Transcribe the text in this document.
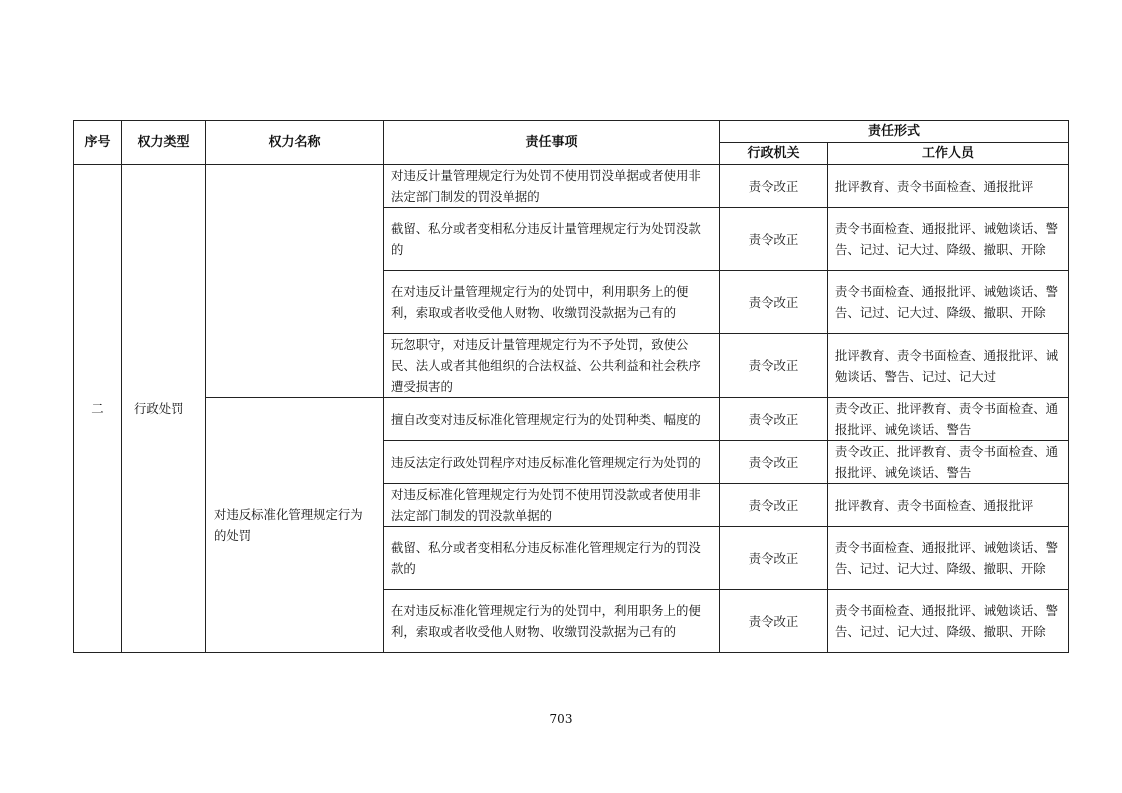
序号	权力类型	权力名称	责任事项	责任形式	
				行政机关	工作人员
二	行政处罚		对违反计量管理规定行为处罚不使用罚没单据或者使用非法定部门制发的罚没单据的	责令改正	批评教育、责令书面检查、通报批评
			截留、私分或者变相私分违反计量管理规定行为处罚没款的	责令改正	责令书面检查、通报批评、诫勉谈话、警告、记过、记大过、降级、撤职、开除
			在对违反计量管理规定行为的处罚中，利用职务上的便利，索取或者收受他人财物、收缴罚没款据为己有的	责令改正	责令书面检查、通报批评、诫勉谈话、警告、记过、记大过、降级、撤职、开除
			玩忽职守，对违反计量管理规定行为不予处罚，致使公民、法人或者其他组织的合法权益、公共利益和社会秩序遭受损害的	责令改正	批评教育、责令书面检查、通报批评、诫勉谈话、警告、记过、记大过
		对违反标准化管理规定行为的处罚	擅自改变对违反标准化管理规定行为的处罚种类、幅度的	责令改正	责令改正、批评教育、责令书面检查、通报批评、诫免谈话、警告
			违反法定行政处罚程序对违反标准化管理规定行为处罚的	责令改正	责令改正、批评教育、责令书面检查、通报批评、诫免谈话、警告
			对违反标准化管理规定行为处罚不使用罚没款或者使用非法定部门制发的罚没款单据的	责令改正	批评教育、责令书面检查、通报批评
			截留、私分或者变相私分违反标准化管理规定行为的罚没款的	责令改正	责令书面检查、通报批评、诫勉谈话、警告、记过、记大过、降级、撤职、开除
			在对违反标准化管理规定行为的处罚中，利用职务上的便利，索取或者收受他人财物、收缴罚没款据为己有的	责令改正	责令书面检查、通报批评、诫勉谈话、警告、记过、记大过、降级、撤职、开除
703
